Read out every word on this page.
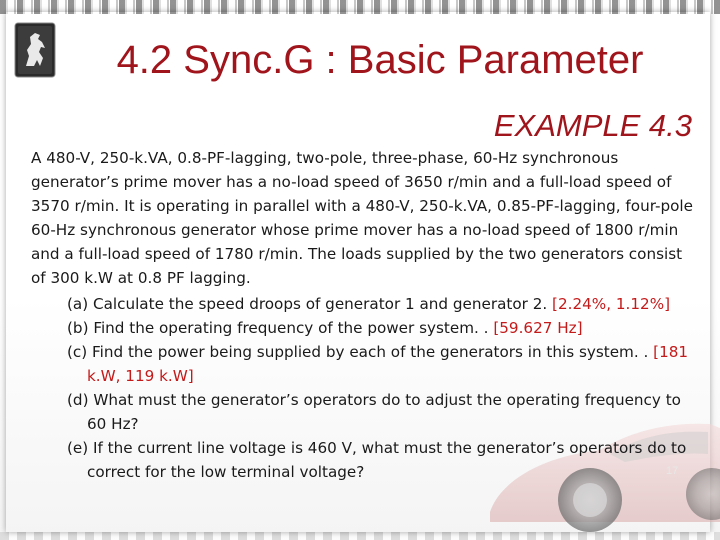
4.2 Sync.G : Basic Parameter
EXAMPLE 4.3
17

A 480-V, 250-k.VA, 0.8-PF-lagging, two-pole, three-phase, 60-Hz synchronous generator’s prime mover has a no-load speed of 3650 r/min and a full-load speed of 3570 r/min. It is operating in parallel with a 480-V, 250-k.VA, 0.85-PF-lagging, four-pole 60-Hz synchronous generator whose prime mover has a no-load speed of 1800 r/min and a full-load speed of 1780 r/min. The loads supplied by the two generators consist of 300 k.W at 0.8 PF lagging.

(a) Calculate the speed droops of generator 1 and generator 2. [2.24%, 1.12%]
(b) Find the operating frequency of the power system. . [59.627 Hz]
(c) Find the power being supplied by each of the generators in this system. . [181 k.W, 119 k.W]
(d) What must the generator’s operators do to adjust the operating frequency to 60 Hz?
(e) If the current line voltage is 460 V, what must the generator’s operators do to correct for the low terminal voltage?
